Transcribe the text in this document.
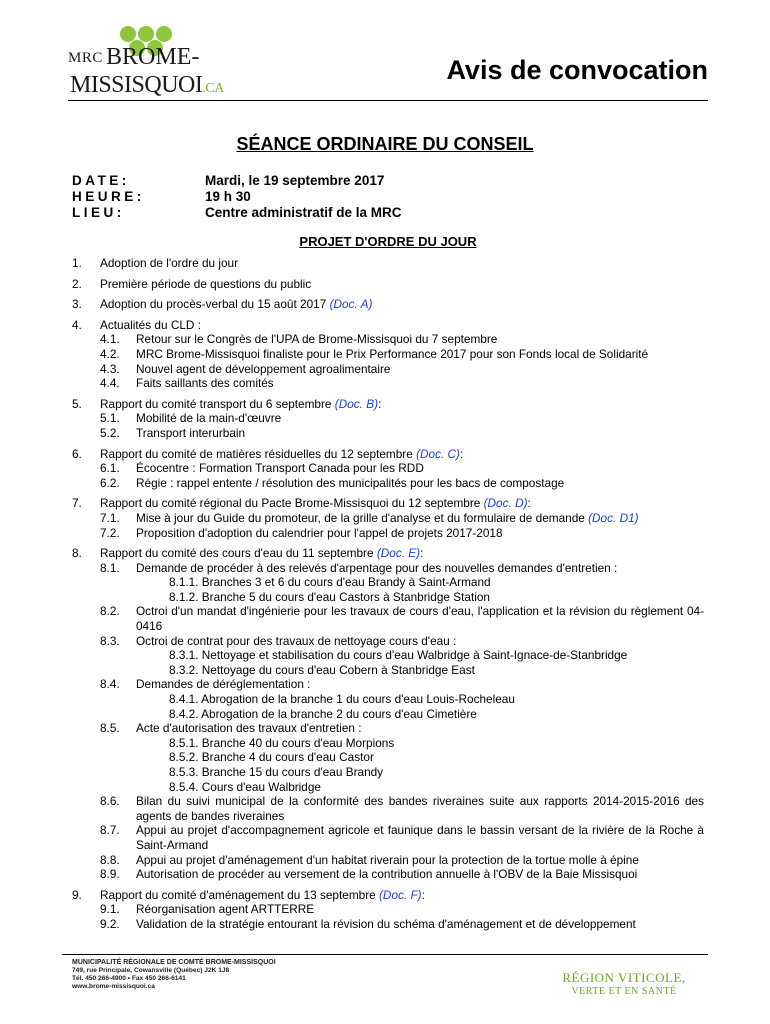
MRC BROME-
MISSISQUOI.CA
Avis de convocation
SÉANCE ORDINAIRE DU CONSEIL
DATE:	Mardi, le 19 septembre 2017
HEURE:	19 h 30
LIEU:	Centre administratif de la MRC
PROJET D'ORDRE DU JOUR
1. Adoption de l'ordre du jour
2. Première période de questions du public
3. Adoption du procès-verbal du 15 août 2017 (Doc. A)
4. Actualités du CLD :
4.1. Retour sur le Congrès de l'UPA de Brome-Missisquoi du 7 septembre
4.2. MRC Brome-Missisquoi finaliste pour le Prix Performance 2017 pour son Fonds local de Solidarité
4.3. Nouvel agent de développement agroalimentaire
4.4. Faits saillants des comités
5. Rapport du comité transport du 6 septembre (Doc. B):
5.1. Mobilité de la main-d'œuvre
5.2. Transport interurbain
6. Rapport du comité de matières résiduelles du 12 septembre (Doc. C):
6.1. Écocentre : Formation Transport Canada pour les RDD
6.2. Régie : rappel entente / résolution des municipalités pour les bacs de compostage
7. Rapport du comité régional du Pacte Brome-Missisquoi du 12 septembre (Doc. D):
7.1. Mise à jour du Guide du promoteur, de la grille d'analyse et du formulaire de demande (Doc. D1)
7.2. Proposition d'adoption du calendrier pour l'appel de projets 2017-2018
8. Rapport du comité des cours d'eau du 11 septembre (Doc. E):
8.1. Demande de procéder à des relevés d'arpentage pour des nouvelles demandes d'entretien :
8.1.1. Branches 3 et 6 du cours d'eau Brandy à Saint-Armand
8.1.2. Branche 5 du cours d'eau Castors à Stanbridge Station
8.2. Octroi d'un mandat d'ingénierie pour les travaux de cours d'eau, l'application et la révision du règlement 04-0416
8.3. Octroi de contrat pour des travaux de nettoyage cours d'eau :
8.3.1. Nettoyage et stabilisation du cours d'eau Walbridge à Saint-Ignace-de-Stanbridge
8.3.2. Nettoyage du cours d'eau Cobern à Stanbridge East
8.4. Demandes de déréglementation :
8.4.1. Abrogation de la branche 1 du cours d'eau Louis-Rocheleau
8.4.2. Abrogation de la branche 2 du cours d'eau Cimetière
8.5. Acte d'autorisation des travaux d'entretien :
8.5.1. Branche 40 du cours d'eau Morpions
8.5.2. Branche 4 du cours d'eau Castor
8.5.3. Branche 15 du cours d'eau Brandy
8.5.4. Cours d'eau Walbridge
8.6. Bilan du suivi municipal de la conformité des bandes riveraines suite aux rapports 2014-2015-2016 des agents de bandes riveraines
8.7. Appui au projet d'accompagnement agricole et faunique dans le bassin versant de la rivière de la Roche à Saint-Armand
8.8. Appui au projet d'aménagement d'un habitat riverain pour la protection de la tortue molle à épine
8.9. Autorisation de procéder au versement de la contribution annuelle à l'OBV de la Baie Missisquoi
9. Rapport du comité d'aménagement du 13 septembre (Doc. F):
9.1. Réorganisation agent ARTTERRE
9.2. Validation de la stratégie entourant la révision du schéma d'aménagement et de développement
MUNICIPALITÉ RÉGIONALE DE COMTÉ BROME-MISSISQUOI
749, rue Principale, Cowansville (Québec) J2K 1J8
Tél. 450 266-4900 • Fax 450 266-6141
www.brome-missisquoi.ca
RÉGION VITICOLE,
VERTE ET EN SANTÉ
